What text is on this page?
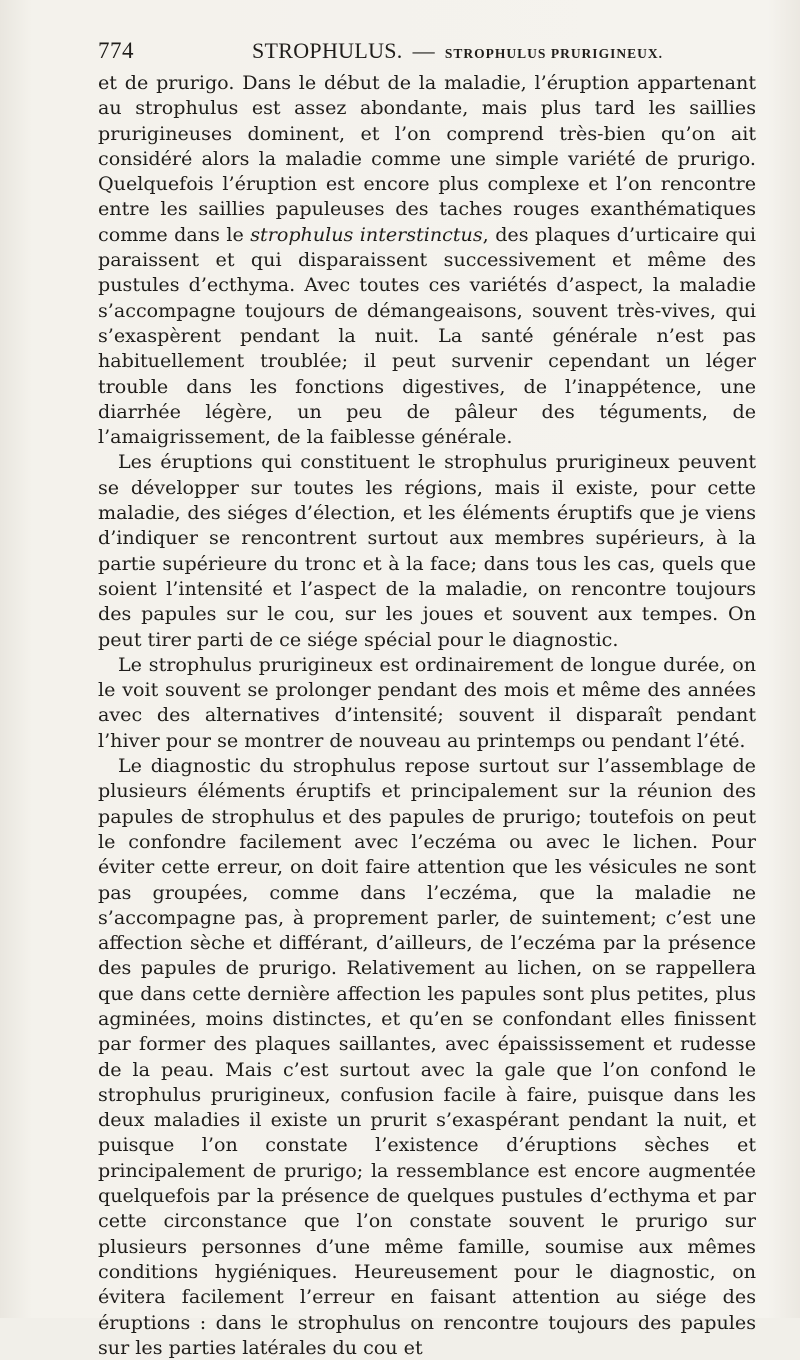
774	STROPHULUS. — STROPHULUS PRURIGINEUX.

et de prurigo. Dans le début de la maladie, l’éruption appartenant au strophulus est assez abondante, mais plus tard les saillies prurigineuses dominent, et l’on comprend très-bien qu’on ait considéré alors la maladie comme une simple variété de prurigo. Quelquefois l’éruption est encore plus complexe et l’on rencontre entre les saillies papuleuses des taches rouges exanthématiques comme dans le strophulus interstinctus, des plaques d’urticaire qui paraissent et qui disparaissent successivement et même des pustules d’ecthyma. Avec toutes ces variétés d’aspect, la maladie s’accompagne toujours de démangeaisons, souvent très-vives, qui s’exaspèrent pendant la nuit. La santé générale n’est pas habituellement troublée; il peut survenir cependant un léger trouble dans les fonctions digestives, de l’inappétence, une diarrhée légère, un peu de pâleur des téguments, de l’amaigrissement, de la faiblesse générale.

Les éruptions qui constituent le strophulus prurigineux peuvent se développer sur toutes les régions, mais il existe, pour cette maladie, des siéges d’élection, et les éléments éruptifs que je viens d’indiquer se rencontrent surtout aux membres supérieurs, à la partie supérieure du tronc et à la face; dans tous les cas, quels que soient l’intensité et l’aspect de la maladie, on rencontre toujours des papules sur le cou, sur les joues et souvent aux tempes. On peut tirer parti de ce siége spécial pour le diagnostic.

Le strophulus prurigineux est ordinairement de longue durée, on le voit souvent se prolonger pendant des mois et même des années avec des alternatives d’intensité; souvent il disparaît pendant l’hiver pour se montrer de nouveau au printemps ou pendant l’été.

Le diagnostic du strophulus repose surtout sur l’assemblage de plusieurs éléments éruptifs et principalement sur la réunion des papules de strophulus et des papules de prurigo; toutefois on peut le confondre facilement avec l’eczéma ou avec le lichen. Pour éviter cette erreur, on doit faire attention que les vésicules ne sont pas groupées, comme dans l’eczéma, que la maladie ne s’accompagne pas, à proprement parler, de suintement; c’est une affection sèche et différant, d’ailleurs, de l’eczéma par la présence des papules de prurigo. Relativement au lichen, on se rappellera que dans cette dernière affection les papules sont plus petites, plus agminées, moins distinctes, et qu’en se confondant elles finissent par former des plaques saillantes, avec épaississement et rudesse de la peau. Mais c’est surtout avec la gale que l’on confond le strophulus prurigineux, confusion facile à faire, puisque dans les deux maladies il existe un prurit s’exaspérant pendant la nuit, et puisque l’on constate l’existence d’éruptions sèches et principalement de prurigo; la ressemblance est encore augmentée quelquefois par la présence de quelques pustules d’ecthyma et par cette circonstance que l’on constate souvent le prurigo sur plusieurs personnes d’une même famille, soumise aux mêmes conditions hygiéniques. Heureusement pour le diagnostic, on évitera facilement l’erreur en faisant attention au siége des éruptions : dans le strophulus on rencontre toujours des papules sur les parties latérales du cou et
